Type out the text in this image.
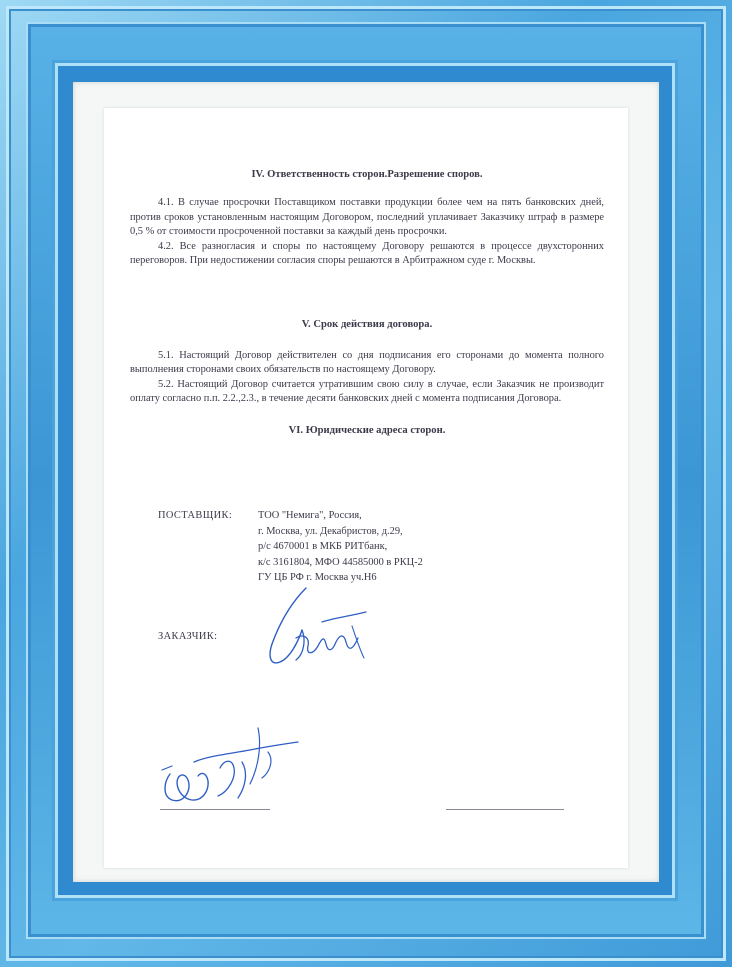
IV. Ответственность сторон.Разрешение споров.

4.1. В случае просрочки Поставщиком поставки продукции более чем на пять банковских дней, против сроков установленным настоящим Договором, последний уплачивает Заказчику штраф в размере 0,5 % от стоимости просроченной поставки за каждый день просрочки.

4.2. Все разногласия и споры по настоящему Договору решаются в процессе двухсторонних переговоров. При недостижении согласия споры решаются в Арбитражном суде г. Москвы.

V. Срок действия договора.

5.1. Настоящий Договор действителен со дня подписания его сторонами до момента полного выполнения сторонами своих обязательств по настоящему Договору.

5.2. Настоящий Договор считается утратившим свою силу в случае, если Заказчик не производит оплату согласно п.п. 2.2.,2.3., в течение десяти банковских дней с момента подписания Договора.

VI. Юридические адреса сторон.

ПОСТАВЩИК: ТОО "Немига", Россия,
г. Москва, ул. Декабристов, д.29,
р/с 4670001 в МКБ РИТбанк,
к/с 3161804, МФО 44585000 в РКЦ-2
ГУ ЦБ РФ г. Москва уч.Н6
ЗАКАЗЧИК:
